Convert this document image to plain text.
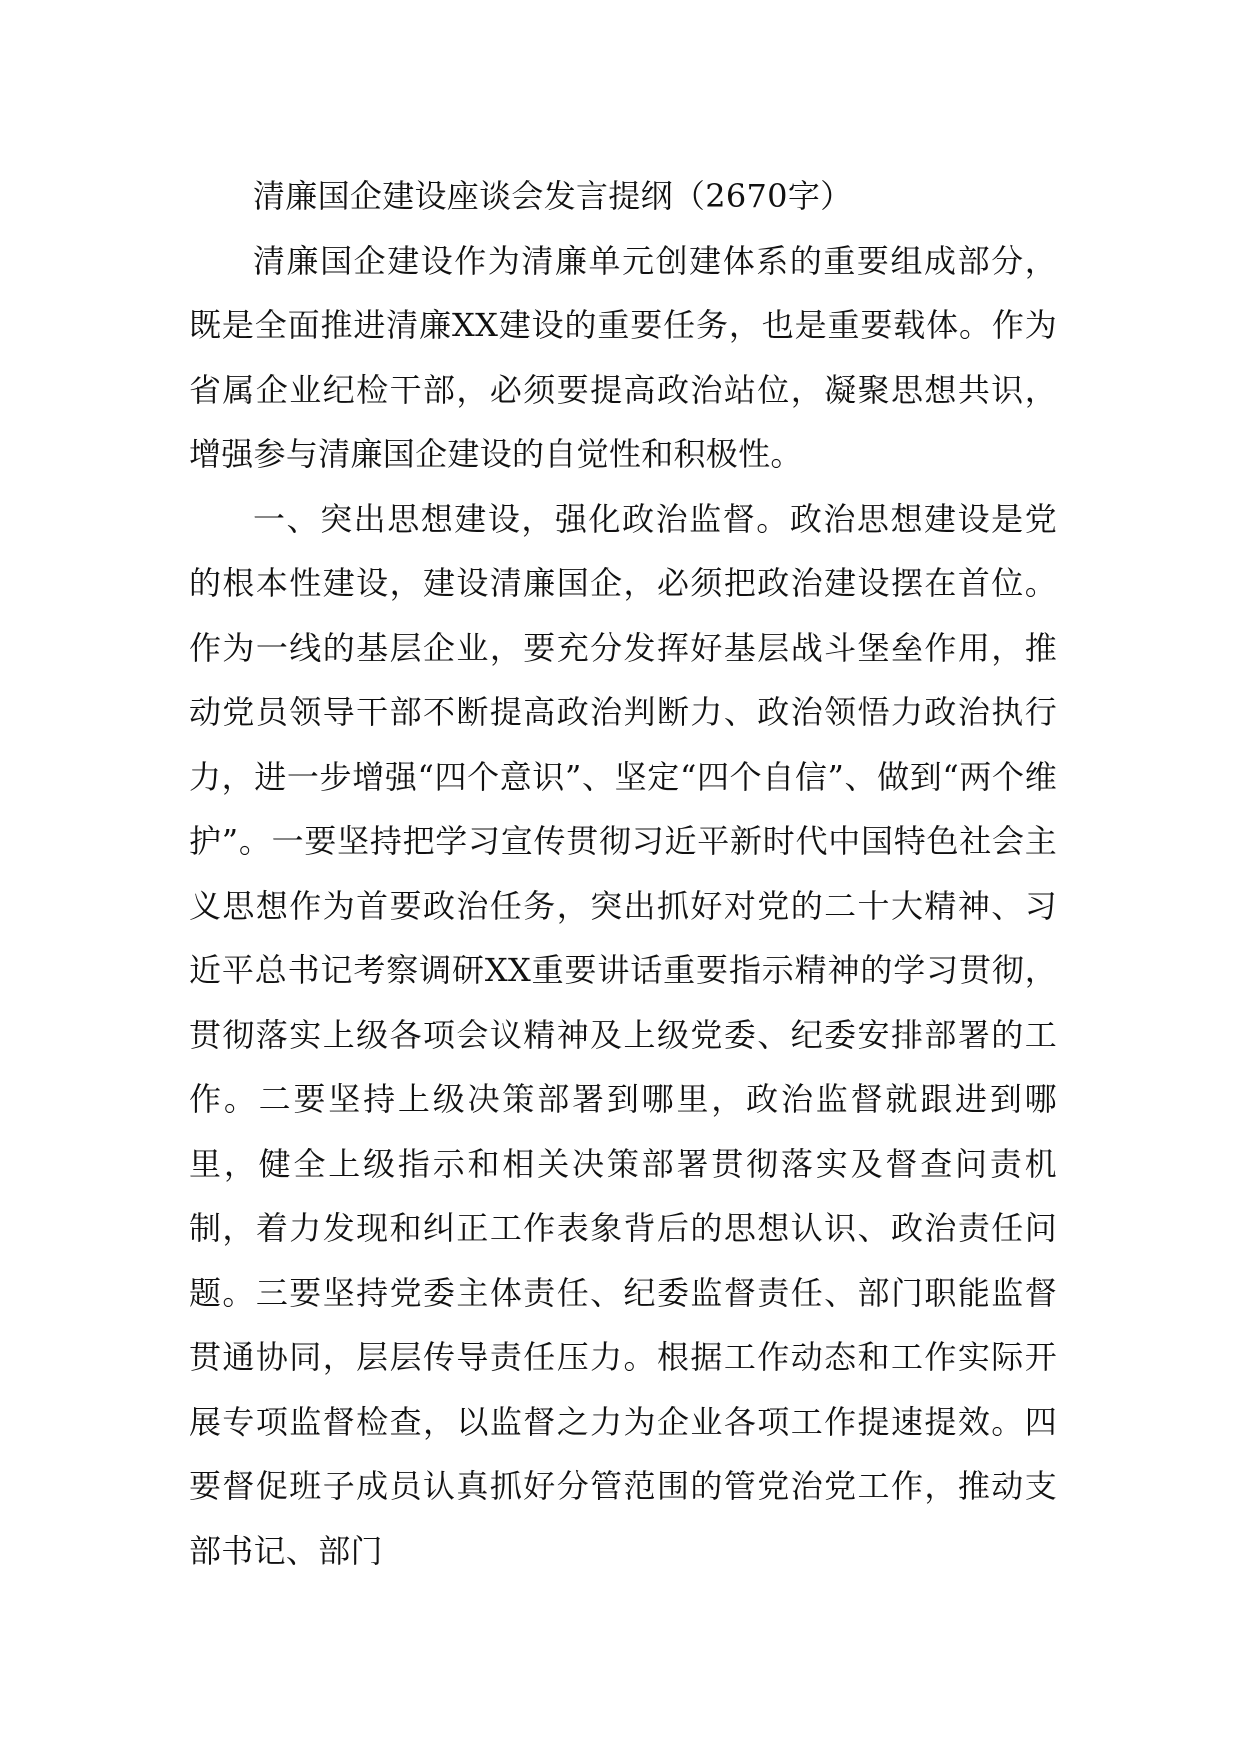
清廉国企建设座谈会发言提纲（2670字）

清廉国企建设作为清廉单元创建体系的重要组成部分，既是全面推进清廉XX建设的重要任务，也是重要载体。作为省属企业纪检干部，必须要提高政治站位，凝聚思想共识，增强参与清廉国企建设的自觉性和积极性。

一、突出思想建设，强化政治监督。政治思想建设是党的根本性建设，建设清廉国企，必须把政治建设摆在首位。作为一线的基层企业，要充分发挥好基层战斗堡垒作用，推动党员领导干部不断提高政治判断力、政治领悟力政治执行力，进一步增强“四个意识”、坚定“四个自信”、做到“两个维护”。一要坚持把学习宣传贯彻习近平新时代中国特色社会主义思想作为首要政治任务，突出抓好对党的二十大精神、习近平总书记考察调研XX重要讲话重要指示精神的学习贯彻，贯彻落实上级各项会议精神及上级党委、纪委安排部署的工作。二要坚持上级决策部署到哪里，政治监督就跟进到哪里，健全上级指示和相关决策部署贯彻落实及督查问责机制，着力发现和纠正工作表象背后的思想认识、政治责任问题。三要坚持党委主体责任、纪委监督责任、部门职能监督贯通协同，层层传导责任压力。根据工作动态和工作实际开展专项监督检查，以监督之力为企业各项工作提速提效。四要督促班子成员认真抓好分管范围的管党治党工作，推动支部书记、部门
